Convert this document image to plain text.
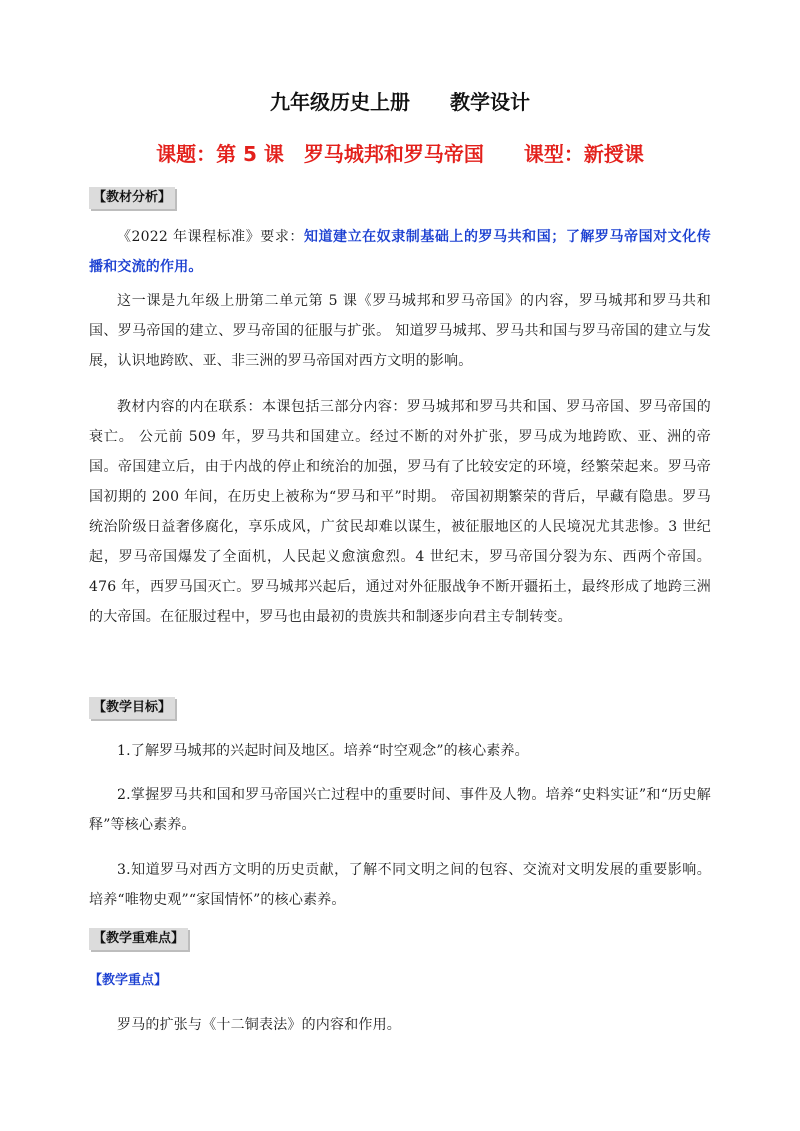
九年级历史上册　　教学设计
课题：第 5 课　罗马城邦和罗马帝国　　课型：新授课
【教材分析】
《2022 年课程标准》要求：知道建立在奴隶制基础上的罗马共和国；了解罗马帝国对文化传播和交流的作用。
这一课是九年级上册第二单元第 5 课《罗马城邦和罗马帝国》的内容，罗马城邦和罗马共和国、罗马帝国的建立、罗马帝国的征服与扩张。 知道罗马城邦、罗马共和国与罗马帝国的建立与发展，认识地跨欧、亚、非三洲的罗马帝国对西方文明的影响。
教材内容的内在联系：本课包括三部分内容：罗马城邦和罗马共和国、罗马帝国、罗马帝国的衰亡。 公元前 509 年，罗马共和国建立。经过不断的对外扩张，罗马成为地跨欧、亚、洲的帝国。帝国建立后，由于内战的停止和统治的加强，罗马有了比较安定的环境，经繁荣起来。罗马帝国初期的 200 年间，在历史上被称为“罗马和平”时期。 帝国初期繁荣的背后，早藏有隐患。罗马统治阶级日益奢侈腐化，享乐成风，广贫民却难以谋生，被征服地区的人民境况尤其悲惨。3 世纪起，罗马帝国爆发了全面机，人民起义愈演愈烈。4 世纪末，罗马帝国分裂为东、西两个帝国。476 年，西罗马国灭亡。罗马城邦兴起后，通过对外征服战争不断开疆拓土，最终形成了地跨三洲的大帝国。在征服过程中，罗马也由最初的贵族共和制逐步向君主专制转变。
【教学目标】
1.了解罗马城邦的兴起时间及地区。培养“时空观念”的核心素养。
2.掌握罗马共和国和罗马帝国兴亡过程中的重要时间、事件及人物。培养“史料实证”和“历史解释”等核心素养。
3.知道罗马对西方文明的历史贡献，了解不同文明之间的包容、交流对文明发展的重要影响。培养“唯物史观”“家国情怀”的核心素养。
【教学重难点】
【教学重点】
罗马的扩张与《十二铜表法》的内容和作用。
